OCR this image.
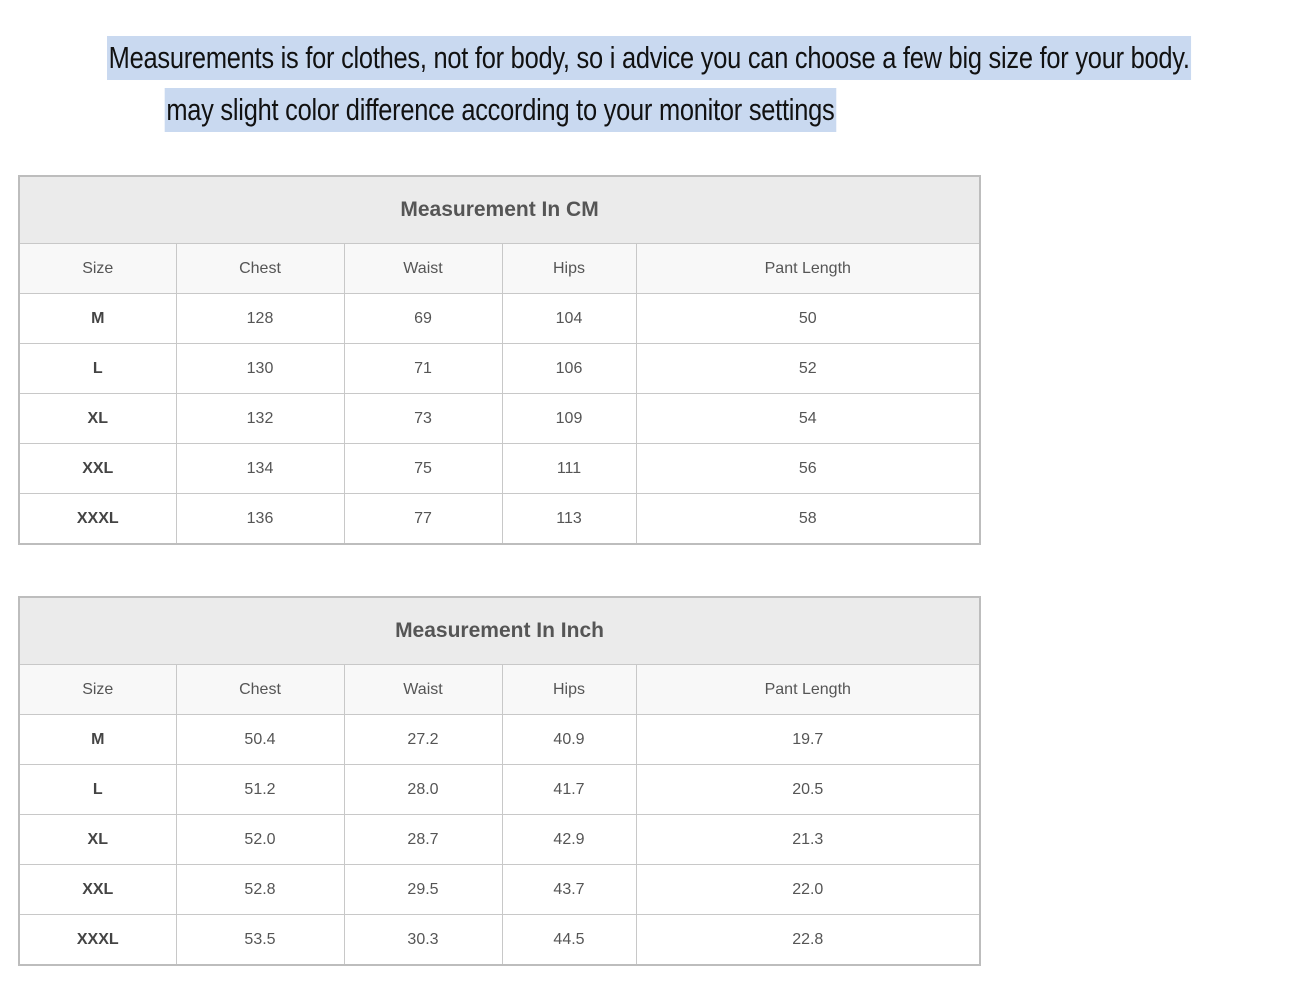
Measurements is for clothes, not for body, so i advice you can choose a few big size for your body.
may slight color difference according to your monitor settings
Measurement In CM				
Size	Chest	Waist	Hips	Pant Length
M	128	69	104	50
L	130	71	106	52
XL	132	73	109	54
XXL	134	75	111	56
XXXL	136	77	113	58
Measurement In Inch				
Size	Chest	Waist	Hips	Pant Length
M	50.4	27.2	40.9	19.7
L	51.2	28.0	41.7	20.5
XL	52.0	28.7	42.9	21.3
XXL	52.8	29.5	43.7	22.0
XXXL	53.5	30.3	44.5	22.8
